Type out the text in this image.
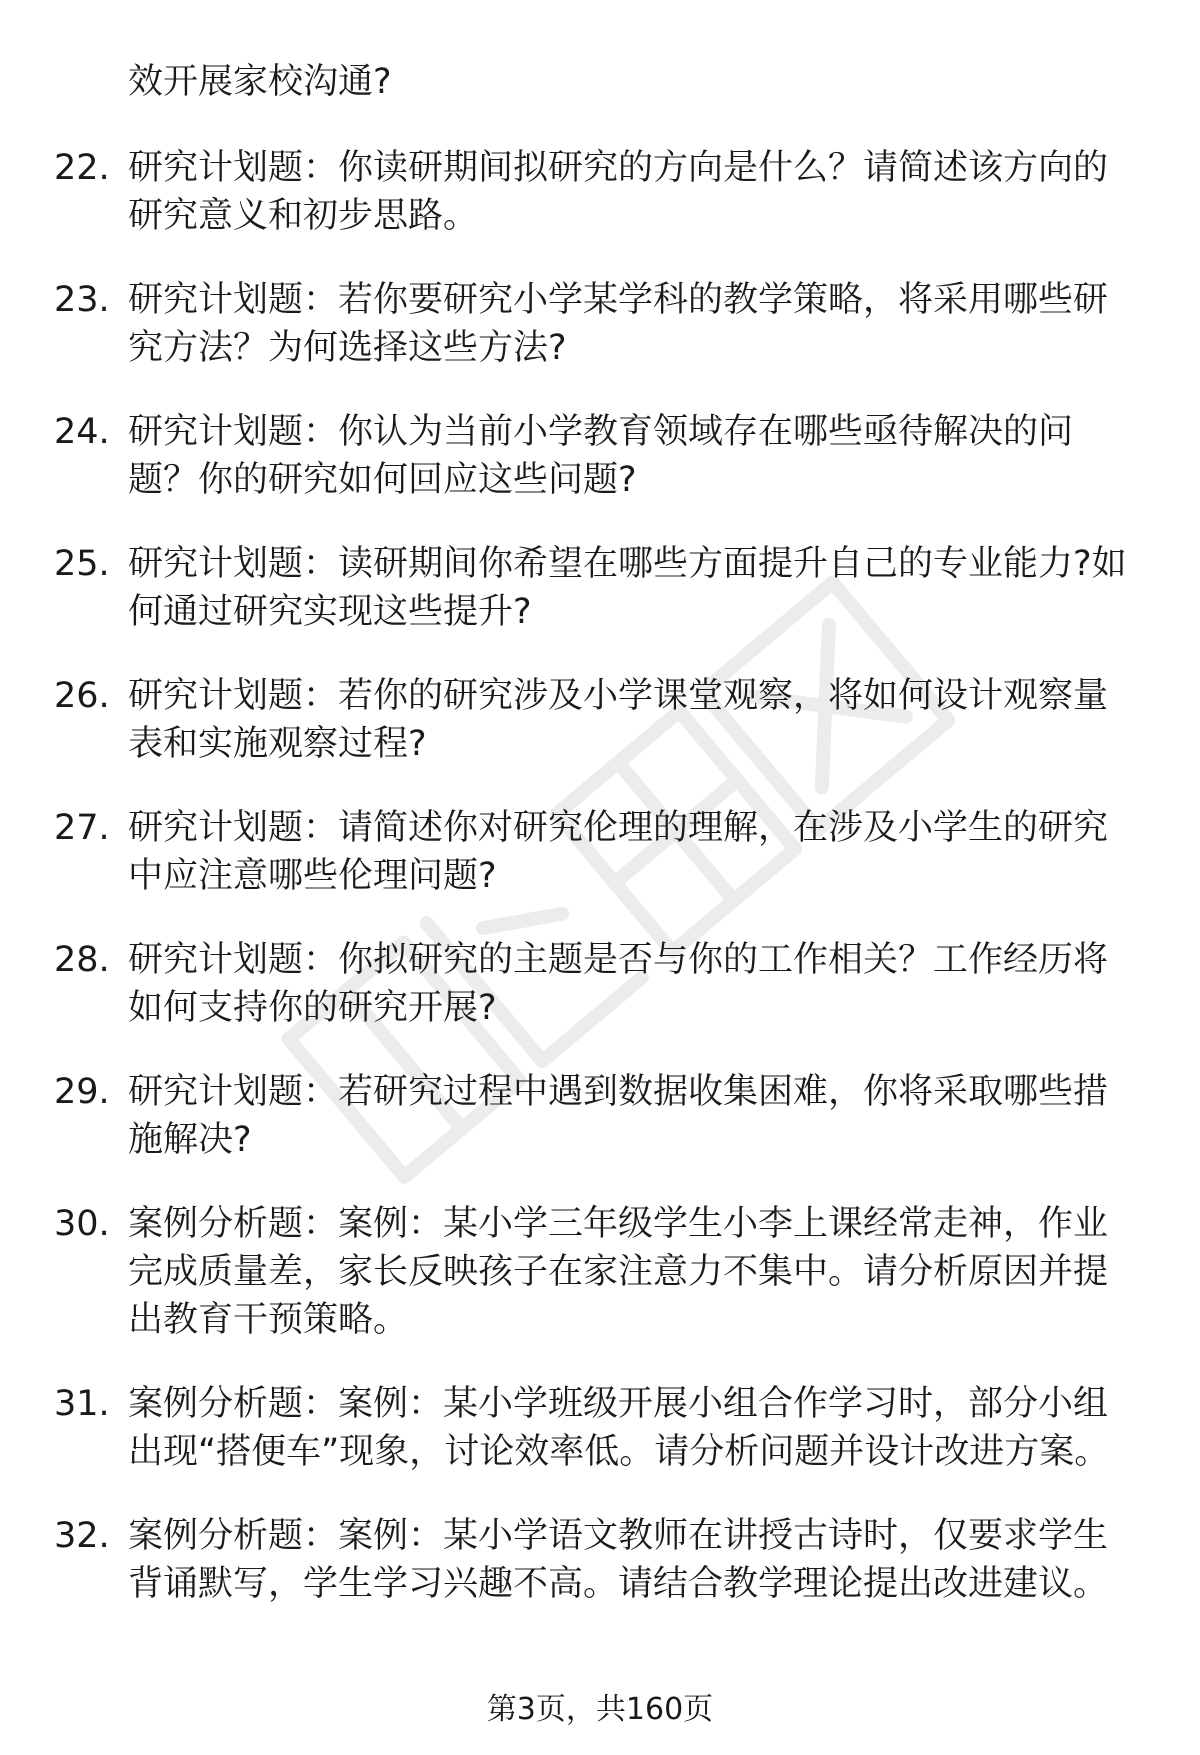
效开展家校沟通?
22. 研究计划题：你读研期间拟研究的方向是什么？请简述该方向的研究意义和初步思路。
23. 研究计划题：若你要研究小学某学科的教学策略，将采用哪些研究方法？为何选择这些方法?
24. 研究计划题：你认为当前小学教育领域存在哪些亟待解决的问题？你的研究如何回应这些问题?
25. 研究计划题：读研期间你希望在哪些方面提升自己的专业能力?如何通过研究实现这些提升?
26. 研究计划题：若你的研究涉及小学课堂观察，将如何设计观察量表和实施观察过程?
27. 研究计划题：请简述你对研究伦理的理解，在涉及小学生的研究中应注意哪些伦理问题?
28. 研究计划题：你拟研究的主题是否与你的工作相关？工作经历将如何支持你的研究开展?
29. 研究计划题：若研究过程中遇到数据收集困难，你将采取哪些措施解决?
30. 案例分析题：案例：某小学三年级学生小李上课经常走神，作业完成质量差，家长反映孩子在家注意力不集中。请分析原因并提出教育干预策略。
31. 案例分析题：案例：某小学班级开展小组合作学习时，部分小组出现“搭便车”现象，讨论效率低。请分析问题并设计改进方案。
32. 案例分析题：案例：某小学语文教师在讲授古诗时，仅要求学生背诵默写，学生学习兴趣不高。请结合教学理论提出改进建议。
第3页，共160页
